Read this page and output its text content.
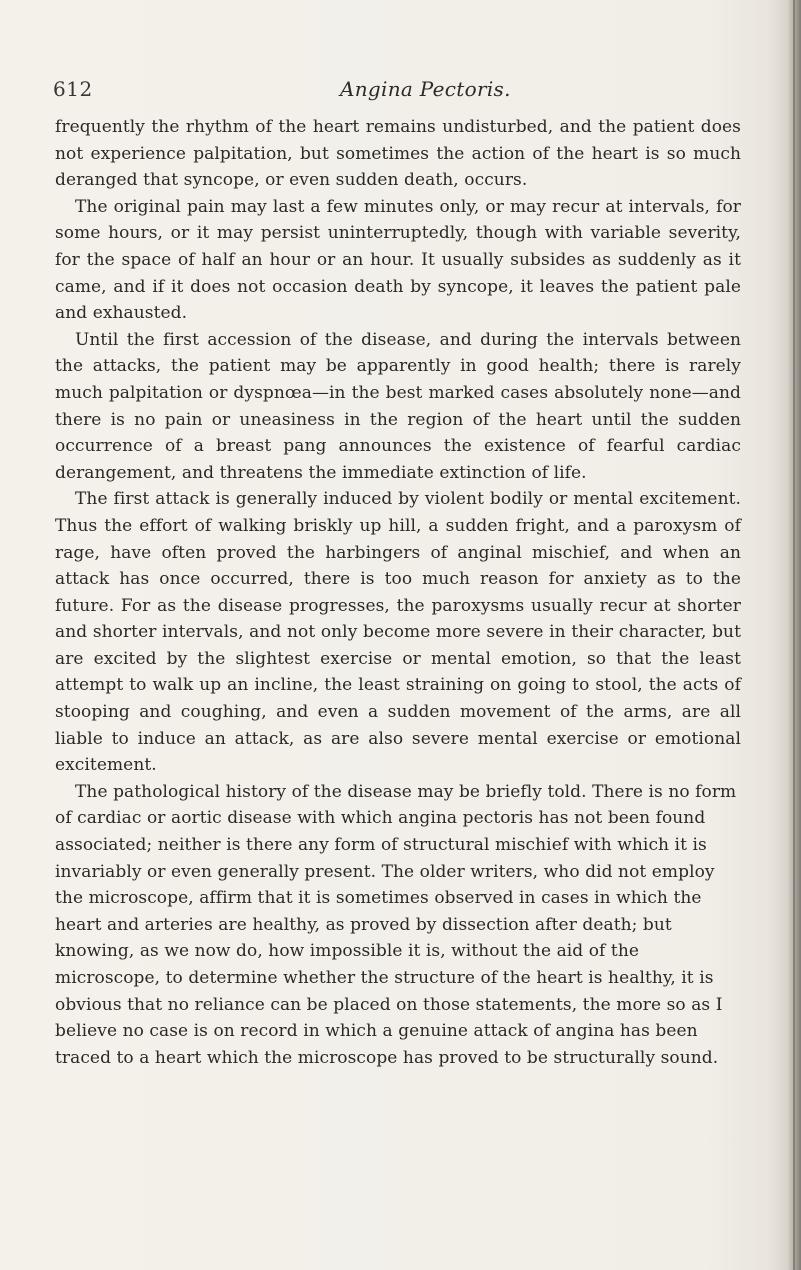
612	Angina Pectoris.

frequently the rhythm of the heart remains undisturbed, and the patient does not experience palpitation, but sometimes the action of the heart is so much deranged that syncope, or even sudden death, occurs.

The original pain may last a few minutes only, or may recur at intervals, for some hours, or it may persist uninterruptedly, though with variable severity, for the space of half an hour or an hour. It usually subsides as suddenly as it came, and if it does not occasion death by syncope, it leaves the patient pale and exhausted.

Until the first accession of the disease, and during the intervals between the attacks, the patient may be apparently in good health; there is rarely much palpitation or dyspnœa—in the best marked cases absolutely none—and there is no pain or uneasiness in the region of the heart until the sudden occurrence of a breast pang announces the existence of fearful cardiac derangement, and threatens the immediate extinction of life.

The first attack is generally induced by violent bodily or mental excitement. Thus the effort of walking briskly up hill, a sudden fright, and a paroxysm of rage, have often proved the harbingers of anginal mischief, and when an attack has once occurred, there is too much reason for anxiety as to the future. For as the disease progresses, the paroxysms usually recur at shorter and shorter intervals, and not only become more severe in their character, but are excited by the slightest exercise or mental emotion, so that the least attempt to walk up an incline, the least straining on going to stool, the acts of stooping and coughing, and even a sudden movement of the arms, are all liable to induce an attack, as are also severe mental exercise or emotional excitement.

The pathological history of the disease may be briefly told. There is no form of cardiac or aortic disease with which angina pectoris has not been found associated; neither is there any form of structural mischief with which it is invariably or even generally present. The older writers, who did not employ the microscope, affirm that it is sometimes observed in cases in which the heart and arteries are healthy, as proved by dissection after death; but knowing, as we now do, how impossible it is, without the aid of the microscope, to determine whether the structure of the heart is healthy, it is obvious that no reliance can be placed on those statements, the more so as I believe no case is on record in which a genuine attack of angina has been traced to a heart which the microscope has proved to be structurally sound.
